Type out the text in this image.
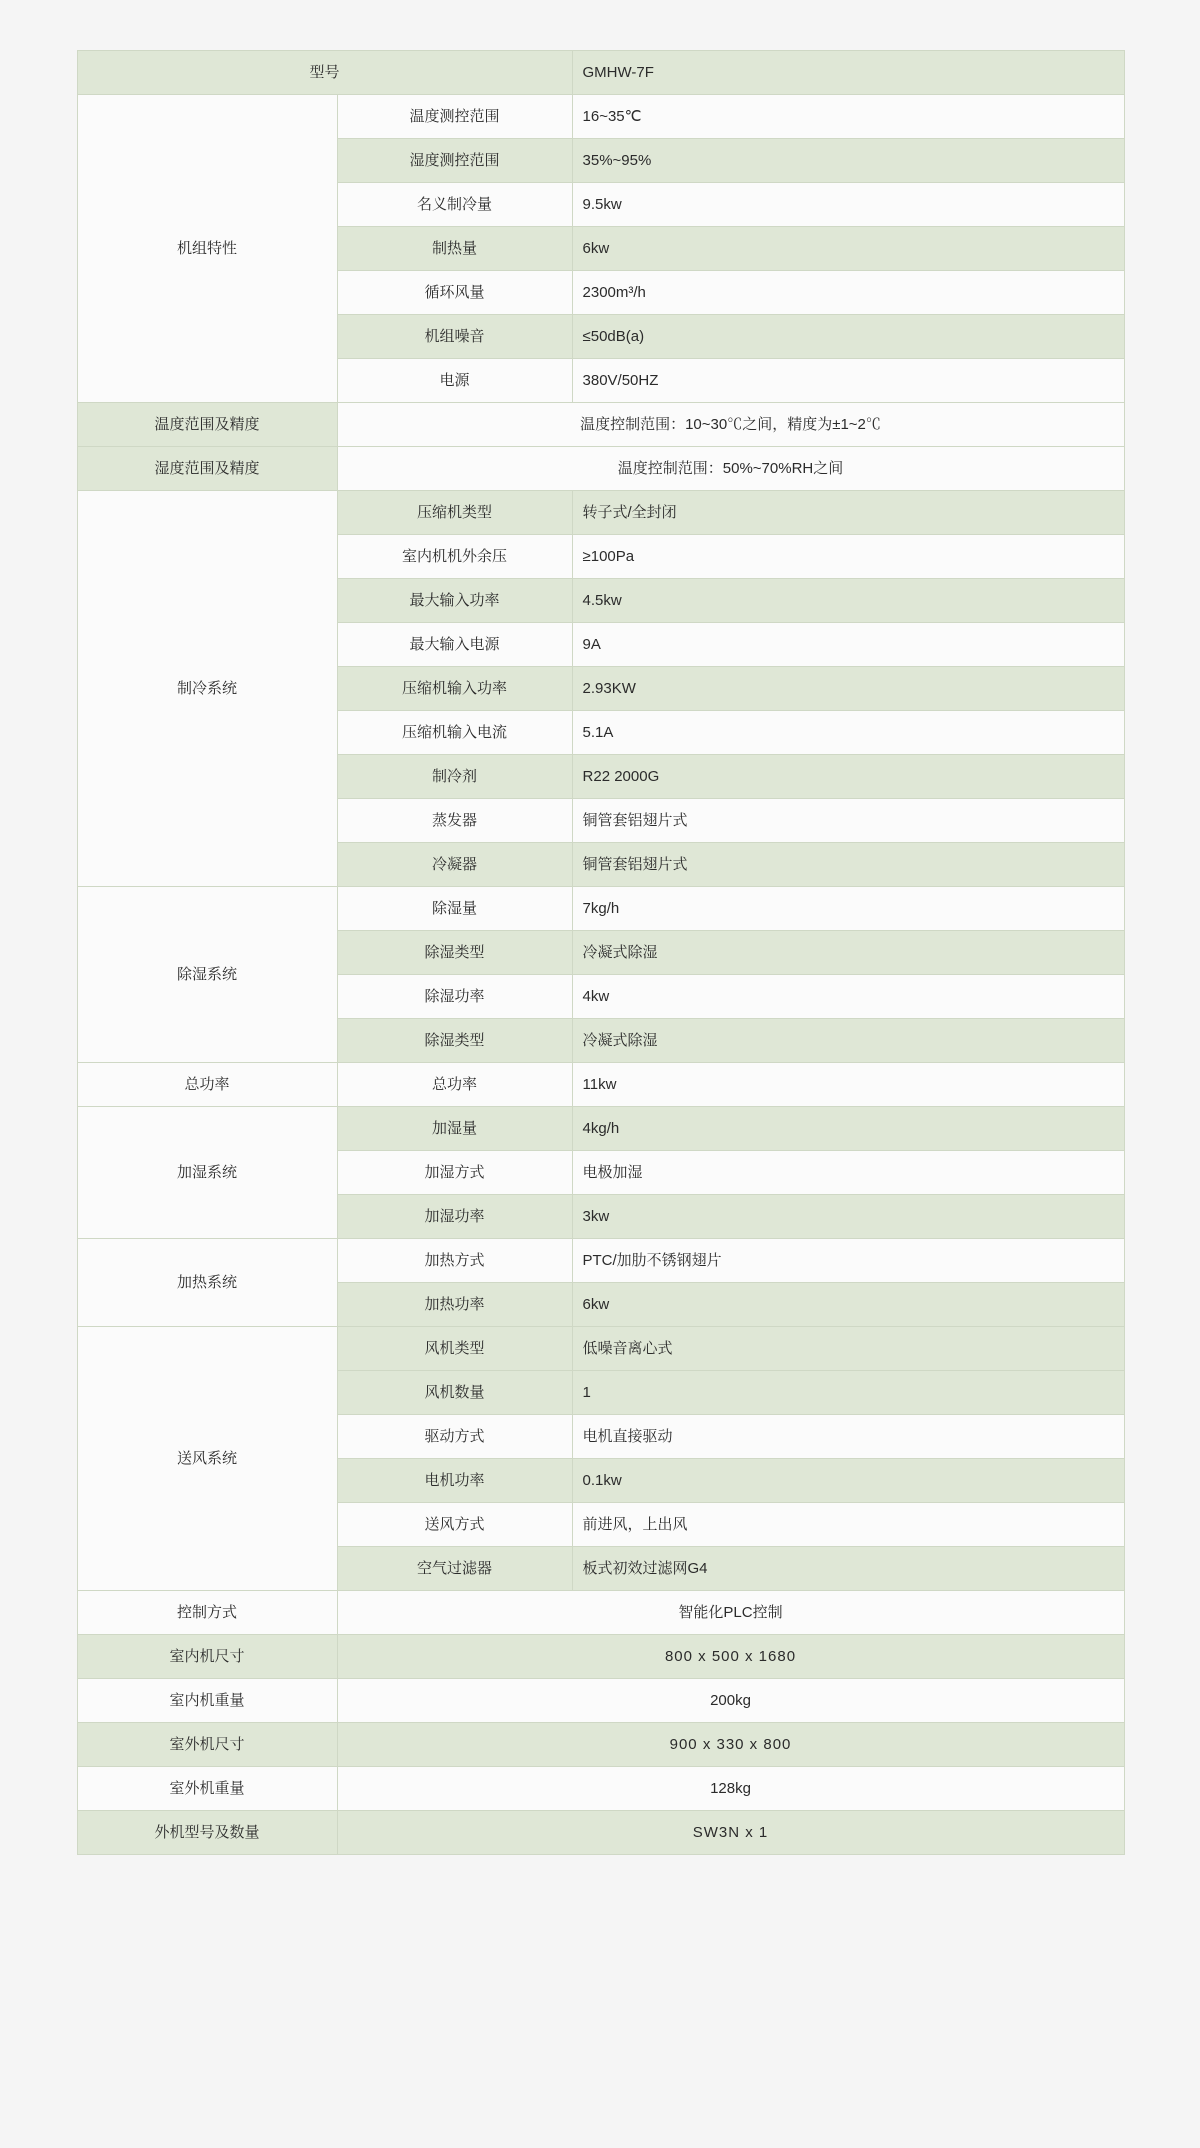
型号		GMHW-7F
机组特性	温度测控范围	16~35℃
	湿度测控范围	35%~95%
	名义制冷量	9.5kw
	制热量	6kw
	循环风量	2300m³/h
	机组噪音	≤50dB(a)
	电源	380V/50HZ
温度范围及精度	温度控制范围：10~30℃之间，精度为±1~2℃	
湿度范围及精度	温度控制范围：50%~70%RH之间	
制冷系统	压缩机类型	转子式/全封闭
	室内机机外余压	≥100Pa
	最大输入功率	4.5kw
	最大输入电源	9A
	压缩机输入功率	2.93KW
	压缩机输入电流	5.1A
	制冷剂	R22 2000G
	蒸发器	铜管套铝翅片式
	冷凝器	铜管套铝翅片式
除湿系统	除湿量	7kg/h
	除湿类型	冷凝式除湿
	除湿功率	4kw
	除湿类型	冷凝式除湿
总功率	总功率	11kw
加湿系统	加湿量	4kg/h
	加湿方式	电极加湿
	加湿功率	3kw
加热系统	加热方式	PTC/加肋不锈钢翅片
	加热功率	6kw
送风系统	风机类型	低噪音离心式
	风机数量	1
	驱动方式	电机直接驱动
	电机功率	0.1kw
	送风方式	前进风，上出风
	空气过滤器	板式初效过滤网G4
控制方式	智能化PLC控制	
室内机尺寸	800 x 500 x 1680	
室内机重量	200kg	
室外机尺寸	900 x 330 x 800	
室外机重量	128kg	
外机型号及数量	SW3N x 1	
